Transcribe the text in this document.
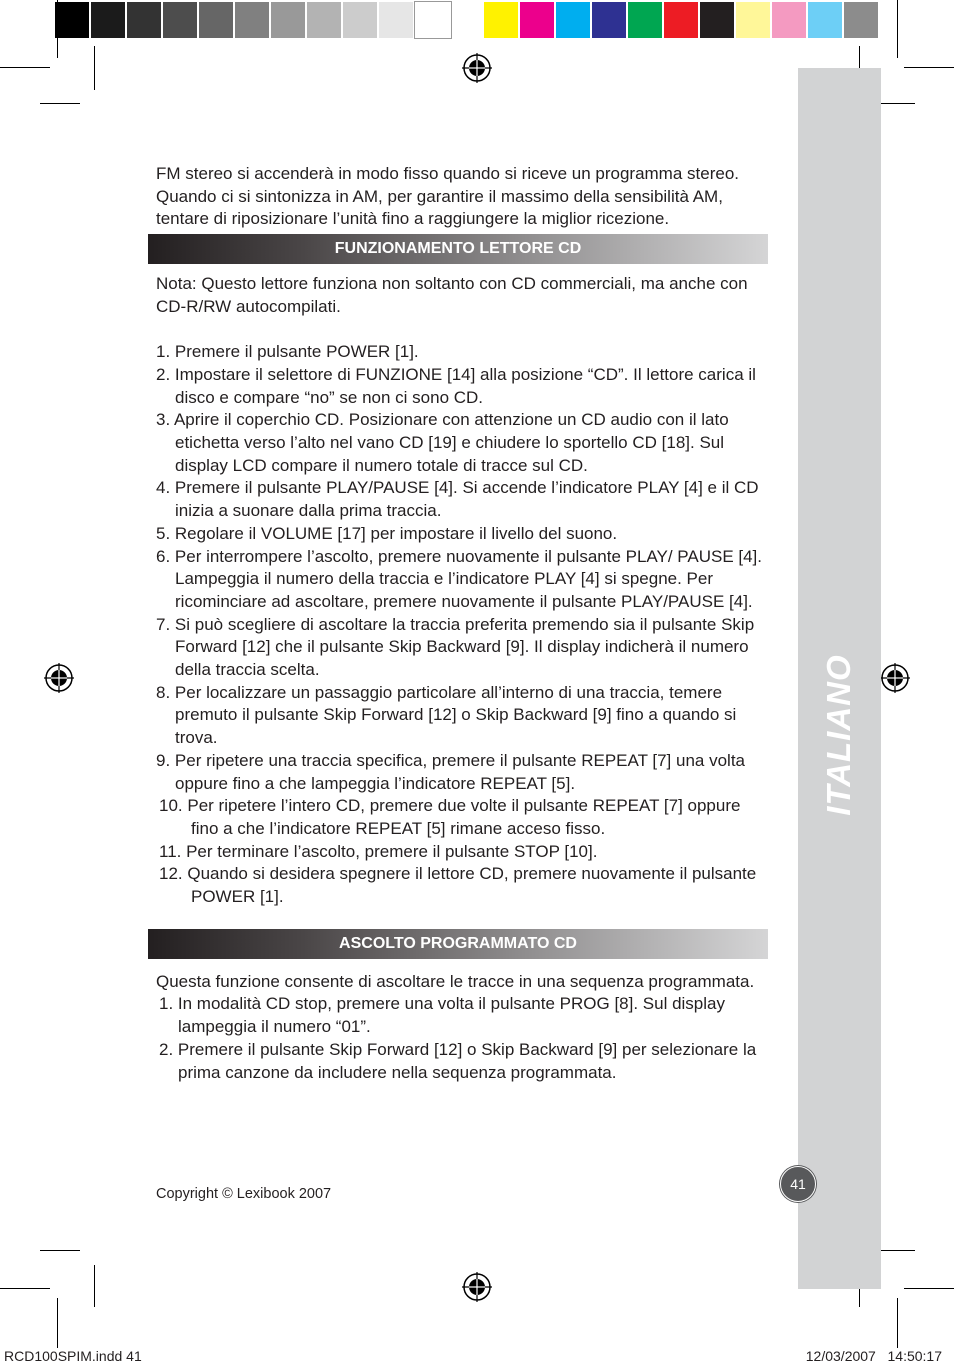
ITALIANO
41

FM stereo si accenderà in modo fisso quando si riceve un programma stereo. Quando ci si sintonizza in AM, per garantire il massimo della sensibilità AM, tentare di riposizionare l’unità fino a raggiungere la miglior ricezione.

FUNZIONAMENTO LETTORE CD

Nota: Questo lettore funziona non soltanto con CD commerciali, ma anche con CD-R/RW autocompilati.

1. Premere il pulsante POWER [1].
2. Impostare il selettore di FUNZIONE [14] alla posizione “CD”. Il lettore carica il disco e compare “no” se non ci sono CD.
3. Aprire il coperchio CD. Posizionare con attenzione un CD audio con il lato etichetta verso l’alto nel vano CD [19] e chiudere lo sportello CD [18]. Sul display LCD compare il numero totale di tracce sul CD.
4. Premere il pulsante PLAY/PAUSE [4]. Si accende l’indicatore PLAY [4] e il CD inizia a suonare dalla prima traccia.
5. Regolare il VOLUME [17] per impostare il livello del suono.
6. Per interrompere l’ascolto, premere nuovamente il pulsante PLAY/ PAUSE [4]. Lampeggia il numero della traccia e l’indicatore PLAY [4] si spegne. Per ricominciare ad ascoltare, premere nuovamente il pulsante PLAY/PAUSE [4].
7. Si può scegliere di ascoltare la traccia preferita premendo sia il pulsante Skip Forward [12] che il pulsante Skip Backward [9]. Il display indicherà il numero della traccia scelta.
8. Per localizzare un passaggio particolare all’interno di una traccia, temere premuto il pulsante Skip Forward [12] o Skip Backward [9] fino a quando si trova.
9. Per ripetere una traccia specifica, premere il pulsante REPEAT [7] una volta oppure fino a che lampeggia l’indicatore REPEAT [5].
10. Per ripetere l’intero CD, premere due volte il pulsante REPEAT [7] oppure fino a che l’indicatore REPEAT [5] rimane acceso fisso.
11. Per terminare l’ascolto, premere il pulsante STOP [10].
12. Quando si desidera spegnere il lettore CD, premere nuovamente il pulsante POWER [1].
ASCOLTO PROGRAMMATO CD

Questa funzione consente di ascoltare le tracce in una sequenza programmata.

1. In modalità CD stop, premere una volta il pulsante PROG [8]. Sul display lampeggia il numero “01”.
2. Premere il pulsante Skip Forward [12] o Skip Backward [9] per selezionare la prima canzone da includere nella sequenza programmata.
Copyright © Lexibook 2007
RCD100SPIM.indd 41	12/03/2007   14:50:17
